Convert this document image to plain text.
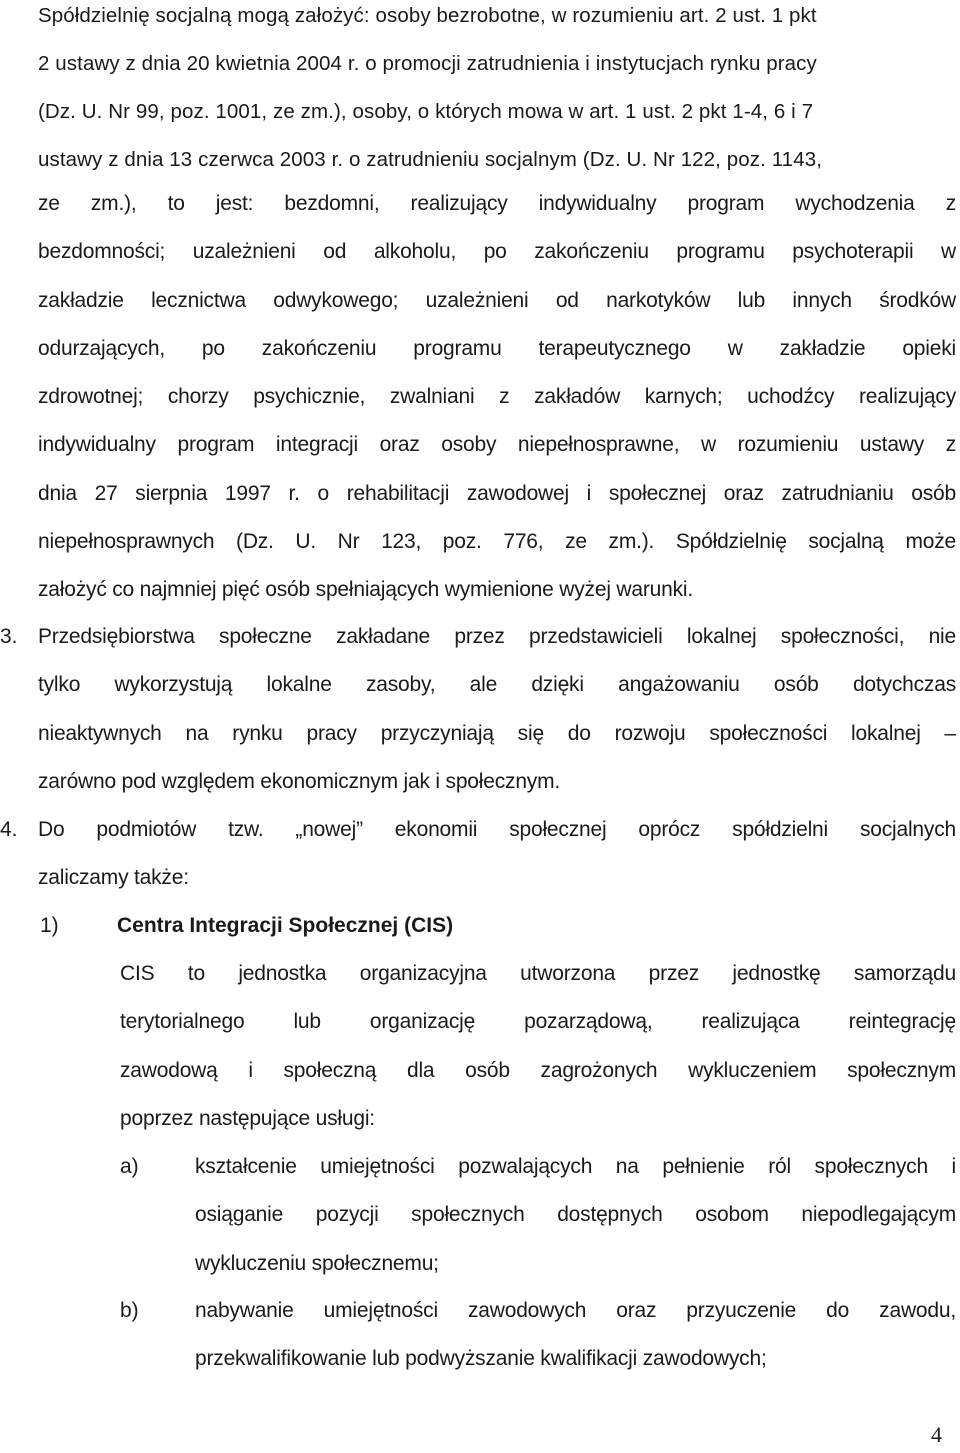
Spółdzielnię socjalną mogą założyć: osoby bezrobotne, w rozumieniu art. 2 ust. 1 pkt
2 ustawy z dnia 20 kwietnia 2004 r. o promocji zatrudnienia i instytucjach rynku pracy
(Dz. U. Nr 99, poz. 1001, ze zm.), osoby, o których mowa w art. 1 ust. 2 pkt 1-4, 6 i 7
ustawy z dnia 13 czerwca 2003 r. o zatrudnieniu socjalnym (Dz. U. Nr 122, poz. 1143,
ze zm.), to jest: bezdomni, realizujący indywidualny program wychodzenia z
bezdomności; uzależnieni od alkoholu, po zakończeniu programu psychoterapii w
zakładzie lecznictwa odwykowego; uzależnieni od narkotyków lub innych środków
odurzających, po zakończeniu programu terapeutycznego w zakładzie opieki
zdrowotnej; chorzy psychicznie, zwalniani z zakładów karnych; uchodźcy realizujący
indywidualny program integracji oraz osoby niepełnosprawne, w rozumieniu ustawy z
dnia 27 sierpnia 1997 r. o rehabilitacji zawodowej i społecznej oraz zatrudnianiu osób
niepełnosprawnych (Dz. U. Nr 123, poz. 776, ze zm.). Spółdzielnię socjalną może
założyć co najmniej pięć osób spełniających wymienione wyżej warunki.
3. Przedsiębiorstwa społeczne zakładane przez przedstawicieli lokalnej społeczności, nie
tylko wykorzystują lokalne zasoby, ale dzięki angażowaniu osób dotychczas
nieaktywnych na rynku pracy przyczyniają się do rozwoju społeczności lokalnej –
zarówno pod względem ekonomicznym jak i społecznym.
4. Do podmiotów tzw. „nowej” ekonomii społecznej oprócz spółdzielni socjalnych
zaliczamy także:
1)	Centra Integracji Społecznej (CIS)
CIS to jednostka organizacyjna utworzona przez jednostkę samorządu
terytorialnego lub organizację pozarządową, realizująca reintegrację
zawodową i społeczną dla osób zagrożonych wykluczeniem społecznym
poprzez następujące usługi:
a)	kształcenie umiejętności pozwalających na pełnienie ról społecznych i
osiąganie pozycji społecznych dostępnych osobom niepodlegającym
wykluczeniu społecznemu;
b)	nabywanie umiejętności zawodowych oraz przyuczenie do zawodu,
przekwalifikowanie lub podwyższanie kwalifikacji zawodowych;
4
